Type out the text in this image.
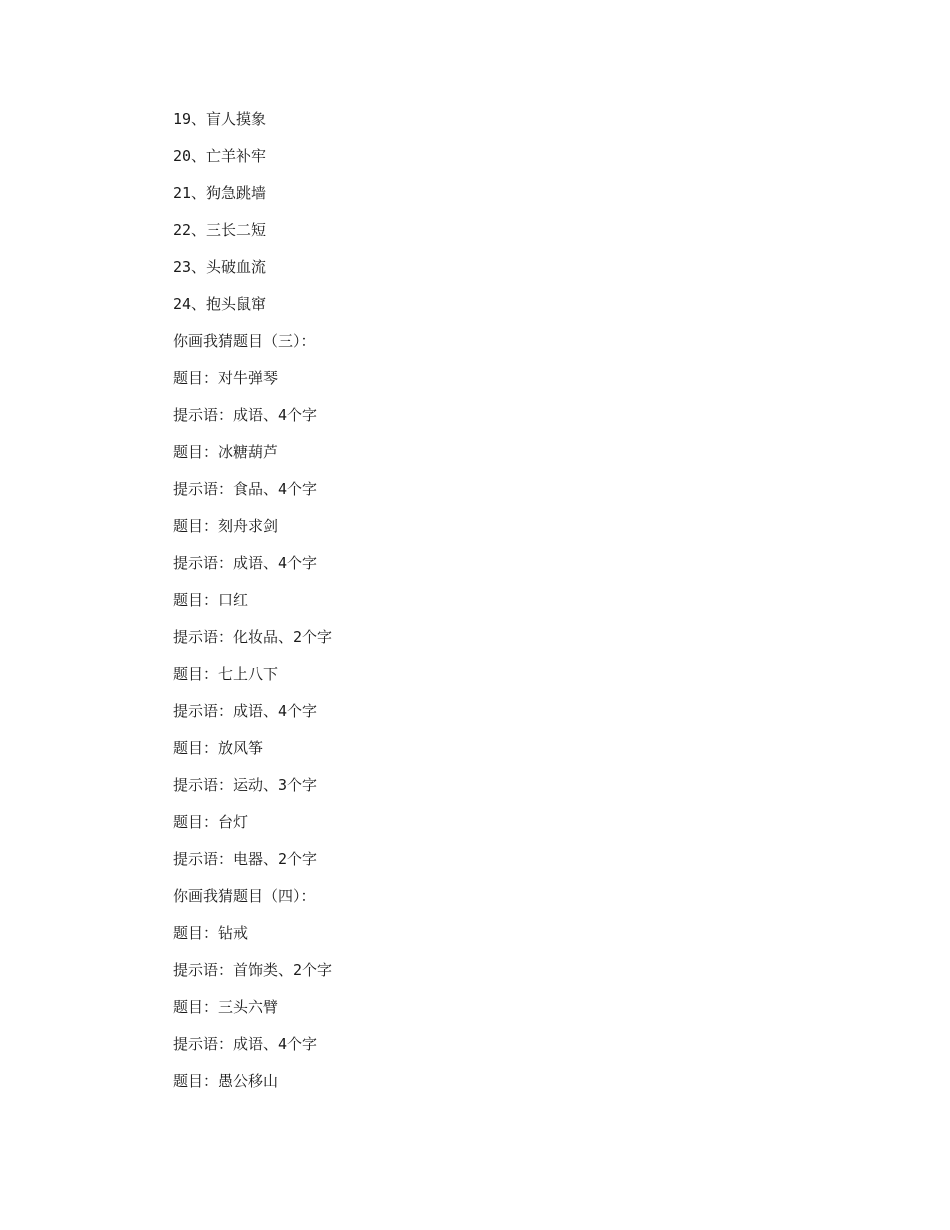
19、盲人摸象
20、亡羊补牢
21、狗急跳墙
22、三长二短
23、头破血流
24、抱头鼠窜
你画我猜题目（三）：
题目：对牛弹琴
提示语：成语、4个字
题目：冰糖葫芦
提示语：食品、4个字
题目：刻舟求剑
提示语：成语、4个字
题目：口红
提示语：化妆品、2个字
题目：七上八下
提示语：成语、4个字
题目：放风筝
提示语：运动、3个字
题目：台灯
提示语：电器、2个字
你画我猜题目（四）：
题目：钻戒
提示语：首饰类、2个字
题目：三头六臂
提示语：成语、4个字
题目：愚公移山
